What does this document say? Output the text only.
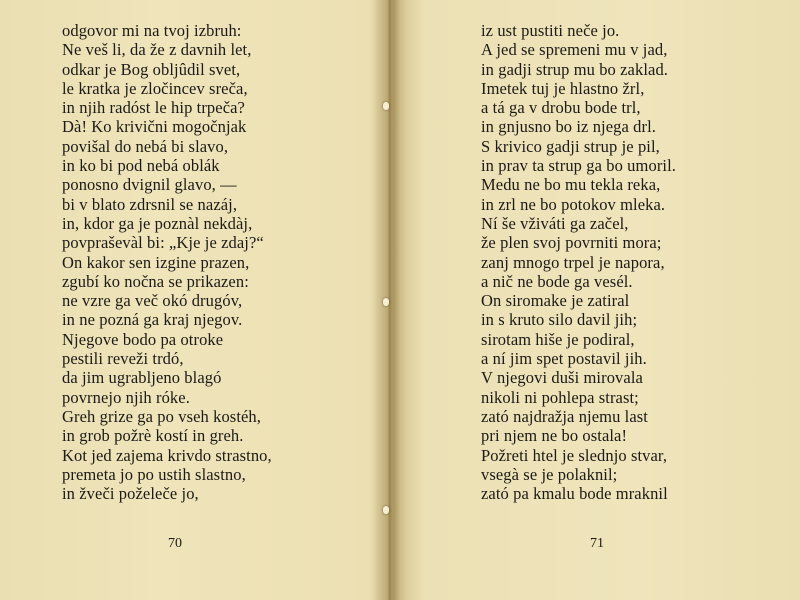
odgovor mi na tvoj izbruh:
Ne veš li, da že z davnih let,
odkar je Bog obljûdil svet,
le kratka je zločincev sreča,
in njih radóst le hip trpeča?
Dà! Ko krivični mogočnjak
povišal do nebá bi slavo,
in ko bi pod nebá oblák
ponosno dvignil glavo, —
bi v blato zdrsnil se nazáj,
in, kdor ga je poznàl nekdàj,
povpraševàl bi: „Kje je zdaj?“
On kakor sen izgine prazen,
zgubí ko nočna se prikazen:
ne vzre ga več okó drugóv,
in ne pozná ga kraj njegov.
Njegove bodo pa otroke
pestili reveži trdó,
da jim ugrabljeno blagó
povrnejo njih róke.
Greh grize ga po vseh kostéh,
in grob požrè kostí in greh.
Kot jed zajema krivdo strastno,
premeta jo po ustih slastno,
in žveči poželeče jo,
70
iz ust pustiti neče jo.
A jed se spremeni mu v jad,
in gadji strup mu bo zaklad.
Imetek tuj je hlastno žrl,
a tá ga v drobu bode trl,
in gnjusno bo iz njega drl.
S krivico gadji strup je pil,
in prav ta strup ga bo umoril.
Medu ne bo mu tekla reka,
in zrl ne bo potokov mleka.
Ní še vživáti ga začel,
že plen svoj povrniti mora;
zanj mnogo trpel je napora,
a nič ne bode ga vesél.
On siromake je zatiral
in s kruto silo davil jih;
sirotam hiše je podiral,
a ní jim spet postavil jih.
V njegovi duši mirovala
nikoli ni pohlepa strast;
zató najdražja njemu last
pri njem ne bo ostala!
Požreti htel je slednjo stvar,
vsegà se je polaknil;
zató pa kmalu bode mraknil
71
